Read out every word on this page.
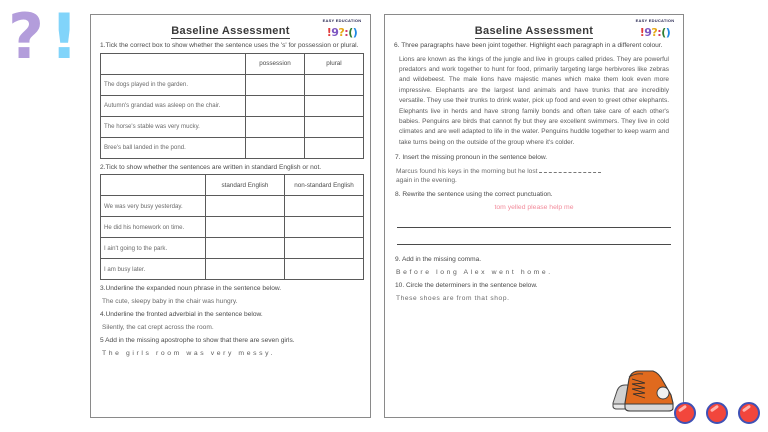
? !	Baseline Assessment
EASY EDUCATION
!9?:()
1.Tick the correct box to show whether the sentence uses the 's' for possession or plural.
	possession	plural
The dogs played in the garden.		
Autumn's grandad was asleep on the chair.		
The horse's stable was very mucky.		
Bree's ball landed in the pond.		
2.Tick to show whether the sentences are written in standard English or not.
	standard English	non-standard English
We was very busy yesterday.		
He did his homework on time.		
I ain't going to the park.		
I am busy later.		
3.Underline the expanded noun phrase in the sentence below.
The cute, sleepy baby in the chair was hungry.
4.Underline the fronted adverbial in the sentence below.
Silently, the cat crept across the room.
5 Add in the missing apostrophe to show that there are seven girls.
The girls room was very messy.
Baseline Assessment
EASY EDUCATION
!9?:()
6. Three paragraphs have been joint together. Highlight each paragraph in a different colour.
Lions are known as the kings of the jungle and live in groups called prides. They are powerful predators and work together to hunt for food, primarily targeting large herbivores like zebras and wildebeest. The male lions have majestic manes which make them look even more impressive. Elephants are the largest land animals and have trunks that are incredibly versatile. They use their trunks to drink water, pick up food and even to greet other elephants. Elephants live in herds and have strong family bonds and often take care of each other's babies. Penguins are birds that cannot fly but they are excellent swimmers. They live in cold climates and are well adapted to life in the water. Penguins huddle together to keep warm and take turns being on the outside of the group where it's colder.
7. Insert the missing pronoun in the sentence below.
Marcus found his keys in the morning but he lost
again in the evening.
8. Rewrite the sentence using the correct punctuation.
tom yelled please help me
9. Add in the missing comma.
Before long Alex went home.
10. Circle the determiners in the sentence below.
These shoes are from that shop.
